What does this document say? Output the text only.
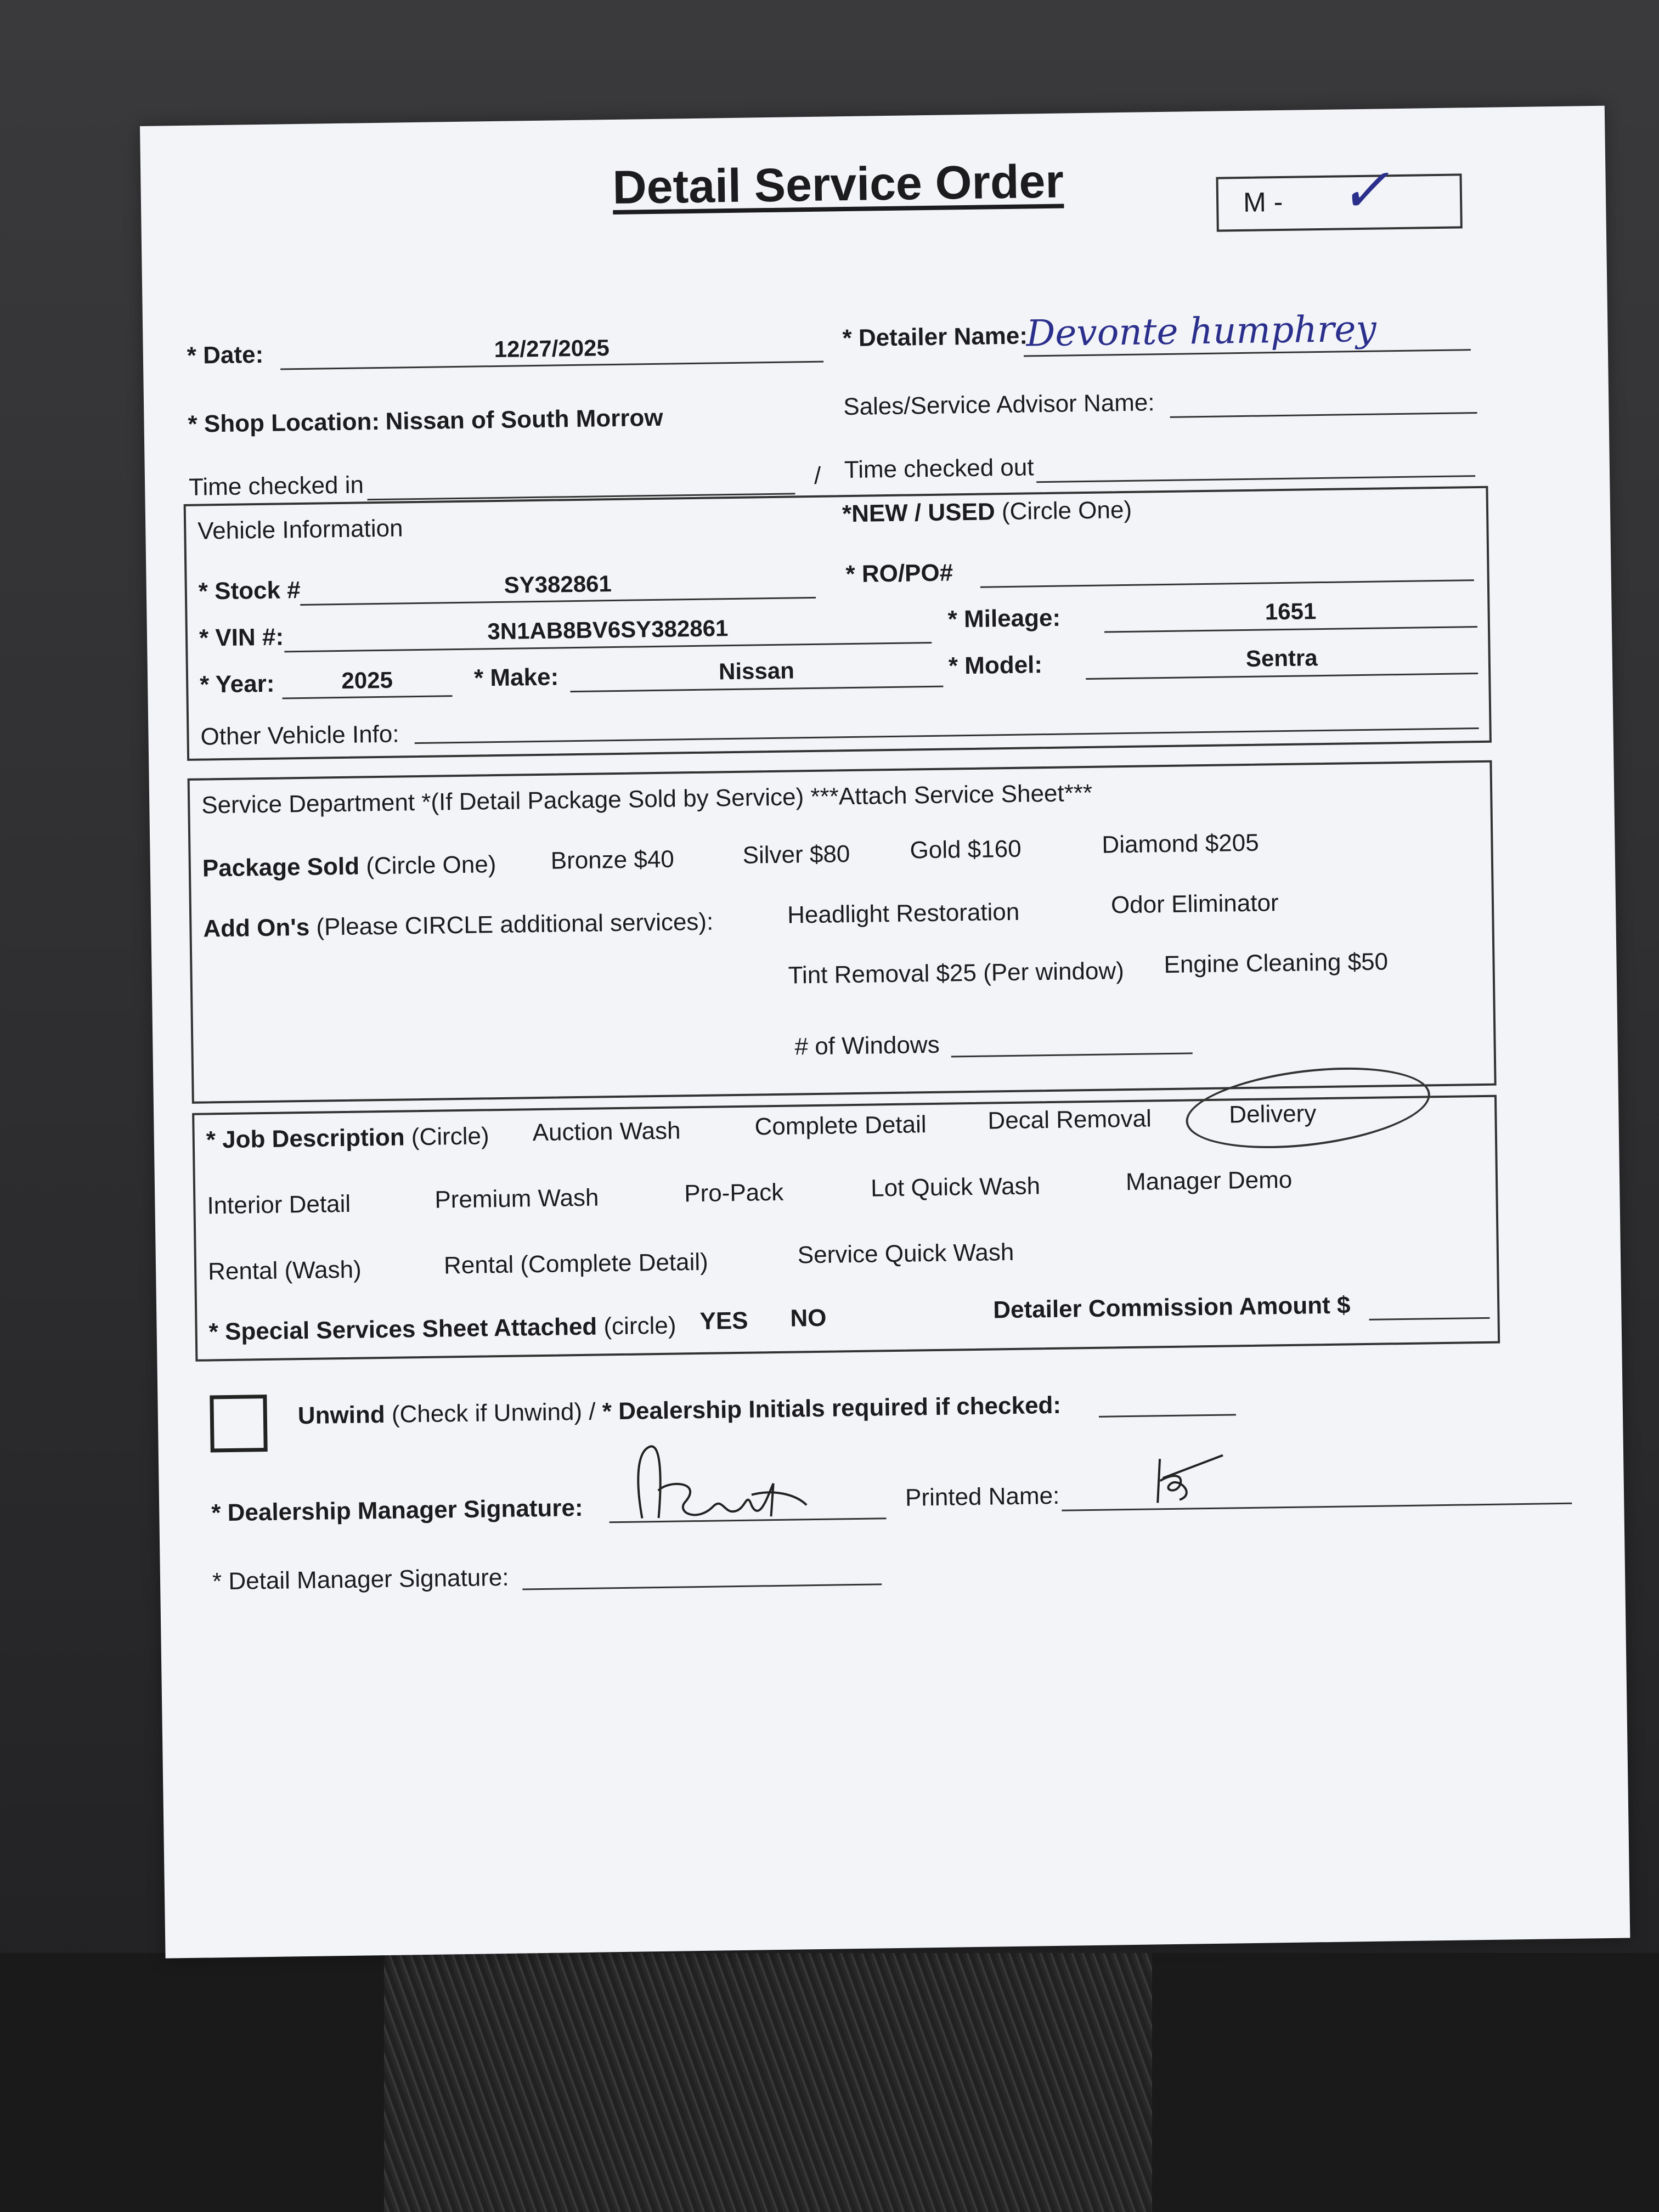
Detail Service Order	M - ✓
* Date:	12/27/2025	* Detailer Name:
Devonte humphrey
* Shop Location: Nissan of South Morrow	Sales/Service Advisor Name:
Time checked in	/ Time checked out
Vehicle Information
*NEW / USED (Circle One)
* Stock #	SY382861	* RO/PO#
* VIN #:	3N1AB8BV6SY382861	* Mileage:	1651
* Year:	2025	* Make:	Nissan	* Model:	Sentra
Other Vehicle Info:
Service Department *(If Detail Package Sold by Service) ***Attach Service Sheet***
Package Sold (Circle One) Bronze $40	Silver $80 Gold $160	Diamond $205
Add On's (Please CIRCLE additional services):	Headlight Restoration	Odor Eliminator
Tint Removal $25 (Per window) Engine Cleaning $50
# of Windows
* Job Description (Circle) Auction Wash	Complete Detail	Decal Removal	Delivery
Interior Detail	Premium Wash	Pro-Pack	Lot Quick Wash	Manager Demo
Rental (Wash)	Rental (Complete Detail)	Service Quick Wash
* Special Services Sheet Attached (circle) YES NO	Detailer Commission Amount $
Unwind (Check if Unwind) / * Dealership Initials required if checked:
* Dealership Manager Signature:	Printed Name:
* Detail Manager Signature:
